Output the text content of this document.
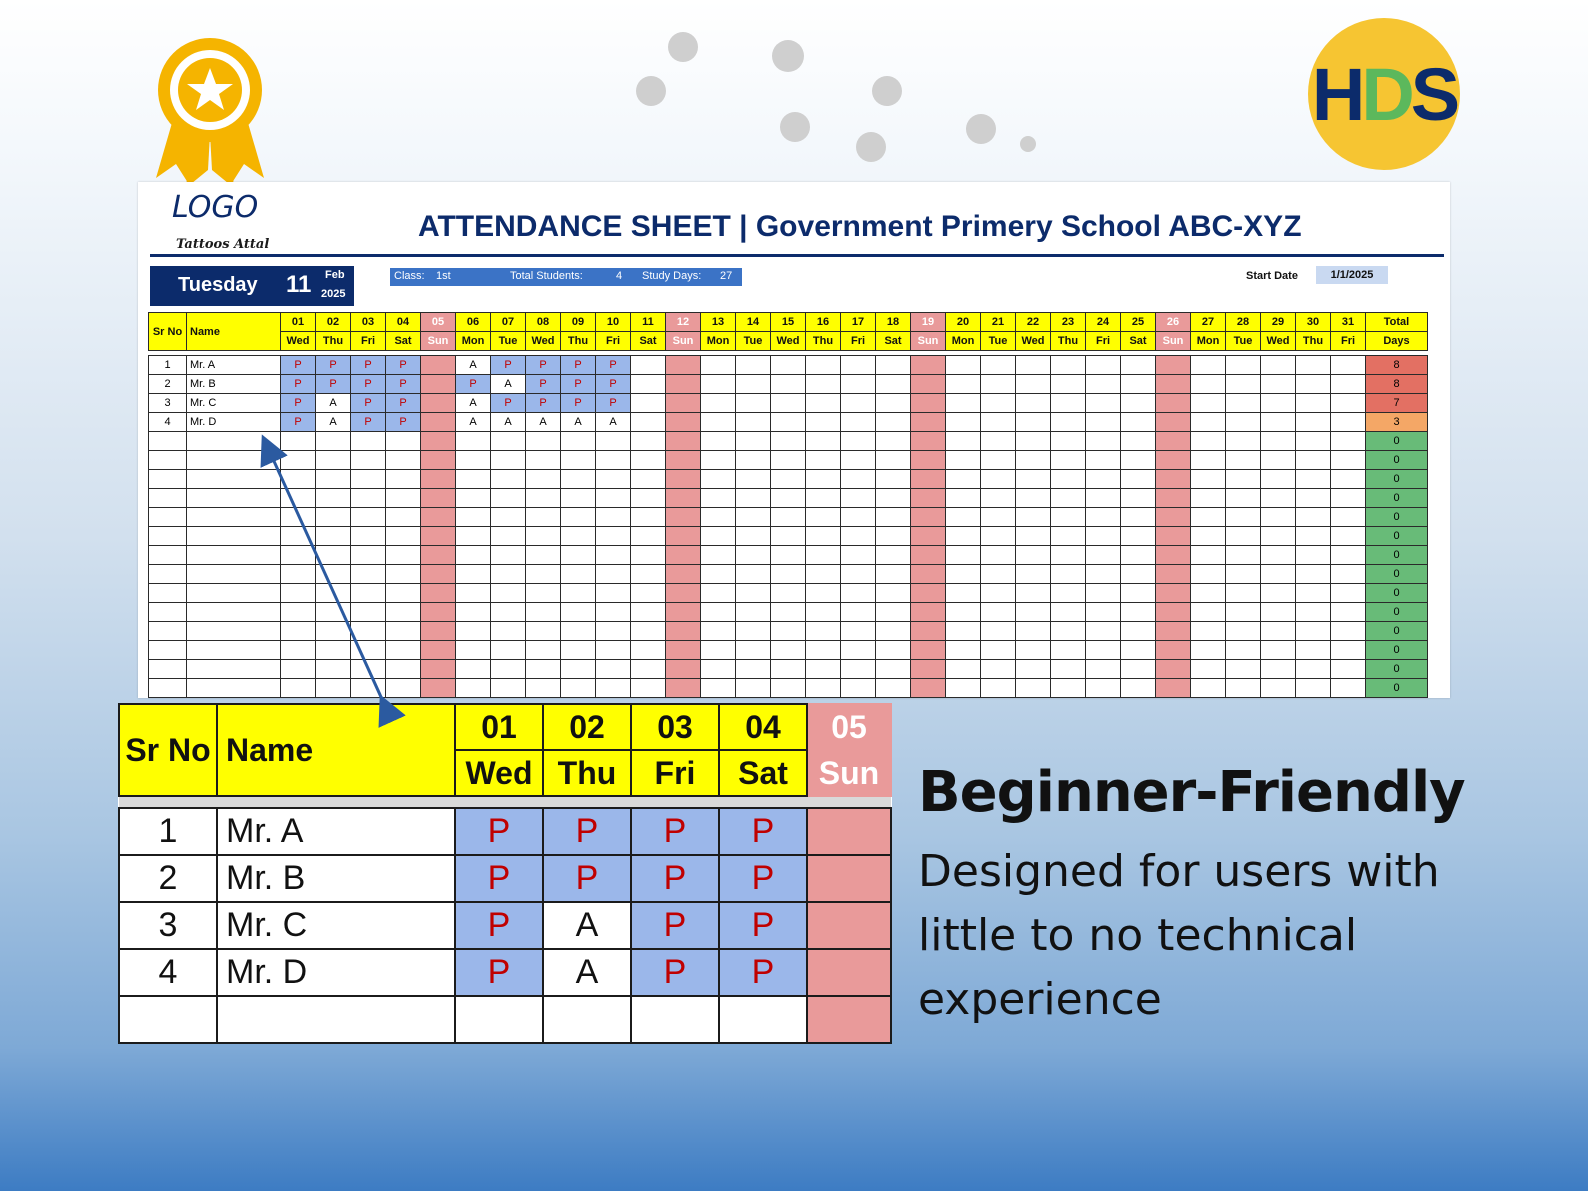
HDS
LOGO
Tattoos Attal
ATTENDANCE SHEET | Government Primery School ABC-XYZ
Tuesday 11 Feb
2025
Class: 1st	Total Students:	4 Study Days: 27	Start Date	1/1/2025
Sr No	Name	01	02	03	04	05	06	07	08	09	10	11	12	13	14	15	16	17	18	19	20	21	22	23	24	25	26	27	28	29	30	31	Total
		Wed	Thu	Fri	Sat	Sun	Mon	Tue	Wed	Thu	Fri	Sat	Sun	Mon	Tue	Wed	Thu	Fri	Sat	Sun	Mon	Tue	Wed	Thu	Fri	Sat	Sun	Mon	Tue	Wed	Thu	Fri	Days

1	Mr. A	P	P	P	P		A	P	P	P	P																						8
2	Mr. B	P	P	P	P		P	A	P	P	P																						8
3	Mr. C	P	A	P	P		A	P	P	P	P																						7
4	Mr. D	P	A	P	P		A	A	A	A	A																						3
																																	0
																																	0
																																	0
																																	0
																																	0
																																	0
																																	0
																																	0
																																	0
																																	0
																																	0
																																	0
																																	0
																																	0
Sr No	Name	01	02	03	04	05
		Wed	Thu	Fri	Sat	Sun

1	Mr. A	P	P	P	P	
2	Mr. B	P	P	P	P	
3	Mr. C	P	A	P	P	
4	Mr. D	P	A	P	P	

Beginner-Friendly
Designed for users with little to no technical experience
